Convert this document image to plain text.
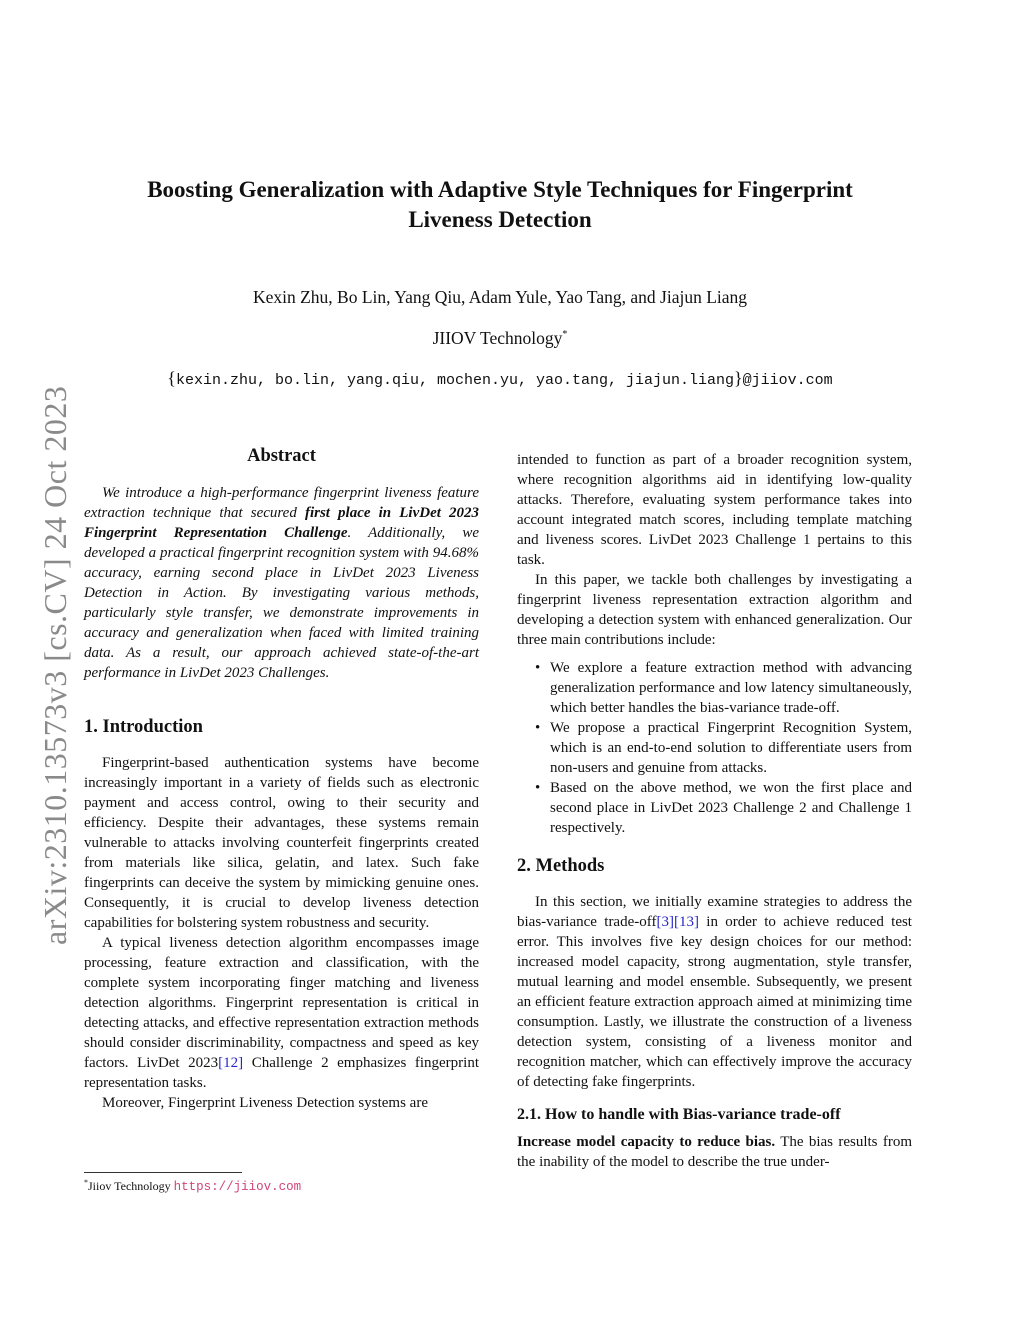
arXiv:2310.13573v3 [cs.CV] 24 Oct 2023
Boosting Generalization with Adaptive Style Techniques for Fingerprint
Liveness Detection
Kexin Zhu, Bo Lin, Yang Qiu, Adam Yule, Yao Tang, and Jiajun Liang
JIIOV Technology*
{kexin.zhu, bo.lin, yang.qiu, mochen.yu, yao.tang, jiajun.liang}@jiiov.com
Abstract

We introduce a high-performance fingerprint liveness feature extraction technique that secured first place in LivDet 2023 Fingerprint Representation Challenge. Additionally, we developed a practical fingerprint recognition system with 94.68% accuracy, earning second place in LivDet 2023 Liveness Detection in Action. By investigating various methods, particularly style transfer, we demonstrate improvements in accuracy and generalization when faced with limited training data. As a result, our approach achieved state-of-the-art performance in LivDet 2023 Challenges.

1. Introduction

Fingerprint-based authentication systems have become increasingly important in a variety of fields such as electronic payment and access control, owing to their security and efficiency. Despite their advantages, these systems remain vulnerable to attacks involving counterfeit fingerprints created from materials like silica, gelatin, and latex. Such fake fingerprints can deceive the system by mimicking genuine ones. Consequently, it is crucial to develop liveness detection capabilities for bolstering system robustness and security.

A typical liveness detection algorithm encompasses image processing, feature extraction and classification, with the complete system incorporating finger matching and liveness detection algorithms. Fingerprint representation is critical in detecting attacks, and effective representation extraction methods should consider discriminability, compactness and speed as key factors. LivDet 2023[12] Challenge 2 emphasizes fingerprint representation tasks.

Moreover, Fingerprint Liveness Detection systems are

*Jiiov Technology https://jiiov.com

intended to function as part of a broader recognition system, where recognition algorithms aid in identifying low-quality attacks. Therefore, evaluating system performance takes into account integrated match scores, including template matching and liveness scores. LivDet 2023 Challenge 1 pertains to this task.

In this paper, we tackle both challenges by investigating a fingerprint liveness representation extraction algorithm and developing a detection system with enhanced generalization. Our three main contributions include:

• We explore a feature extraction method with advancing generalization performance and low latency simultaneously, which better handles the bias-variance trade-off.
• We propose a practical Fingerprint Recognition System, which is an end-to-end solution to differentiate users from non-users and genuine from attacks.
• Based on the above method, we won the first place and second place in LivDet 2023 Challenge 2 and Challenge 1 respectively.
2. Methods

In this section, we initially examine strategies to address the bias-variance trade-off[3][13] in order to achieve reduced test error. This involves five key design choices for our method: increased model capacity, strong augmentation, style transfer, mutual learning and model ensemble. Subsequently, we present an efficient feature extraction approach aimed at minimizing time consumption. Lastly, we illustrate the construction of a liveness detection system, consisting of a liveness monitor and recognition matcher, which can effectively improve the accuracy of detecting fake fingerprints.

2.1. How to handle with Bias-variance trade-off

Increase model capacity to reduce bias. The bias results from the inability of the model to describe the true under-
